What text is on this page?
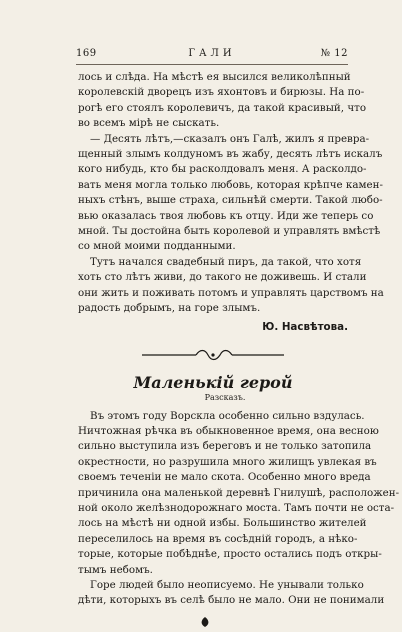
169	ГАЛИ	№ 12
лось и слѣда. На мѣстѣ ея высился великолѣпный
королевскій дворецъ изъ яхонтовъ и бирюзы. На по-
рогѣ его стоялъ королевичъ, да такой красивый, что
во всемъ мірѣ не сыскать.
— Десять лѣтъ,—сказалъ онъ Галѣ, жилъ я превра-
щенный злымъ колдуномъ въ жабу, десять лѣтъ искалъ
кого нибудь, кто бы расколдовалъ меня. А расколдо-
вать меня могла только любовь, которая крѣпче камен-
ныхъ стѣнъ, выше страха, сильнѣй смерти. Такой любо-
вью оказалась твоя любовь къ отцу. Иди же теперь со
мной. Ты достойна быть королевой и управлять вмѣстѣ
со мной моими подданными.
Тутъ начался свадебный пиръ, да такой, что хотя
хоть сто лѣтъ живи, до такого не доживешь. И стали
они жить и поживать потомъ и управлять царствомъ на
радость добрымъ, на горе злымъ.
Ю. Насвѣтова.
Маленькій герой
Разсказъ.
Въ этомъ году Ворскла особенно сильно вздулась.
Ничтожная рѣчка въ обыкновенное время, она весною
сильно выступила изъ береговъ и не только затопила
окрестности, но разрушила много жилищъ увлекая въ
своемъ теченіи не мало скота. Особенно много вреда
причинила она маленькой деревнѣ Гнилушѣ, расположен-
ной около желѣзнодорожнаго моста. Тамъ почти не оста-
лось на мѣстѣ ни одной избы. Большинство жителей
переселилось на время въ сосѣдній городъ, а нѣко-
торые, которые побѣднѣе, просто остались подъ откры-
тымъ небомъ.
Горе людей было неописуемо. Не унывали только
дѣти, которыхъ въ селѣ было не мало. Они не понимали
